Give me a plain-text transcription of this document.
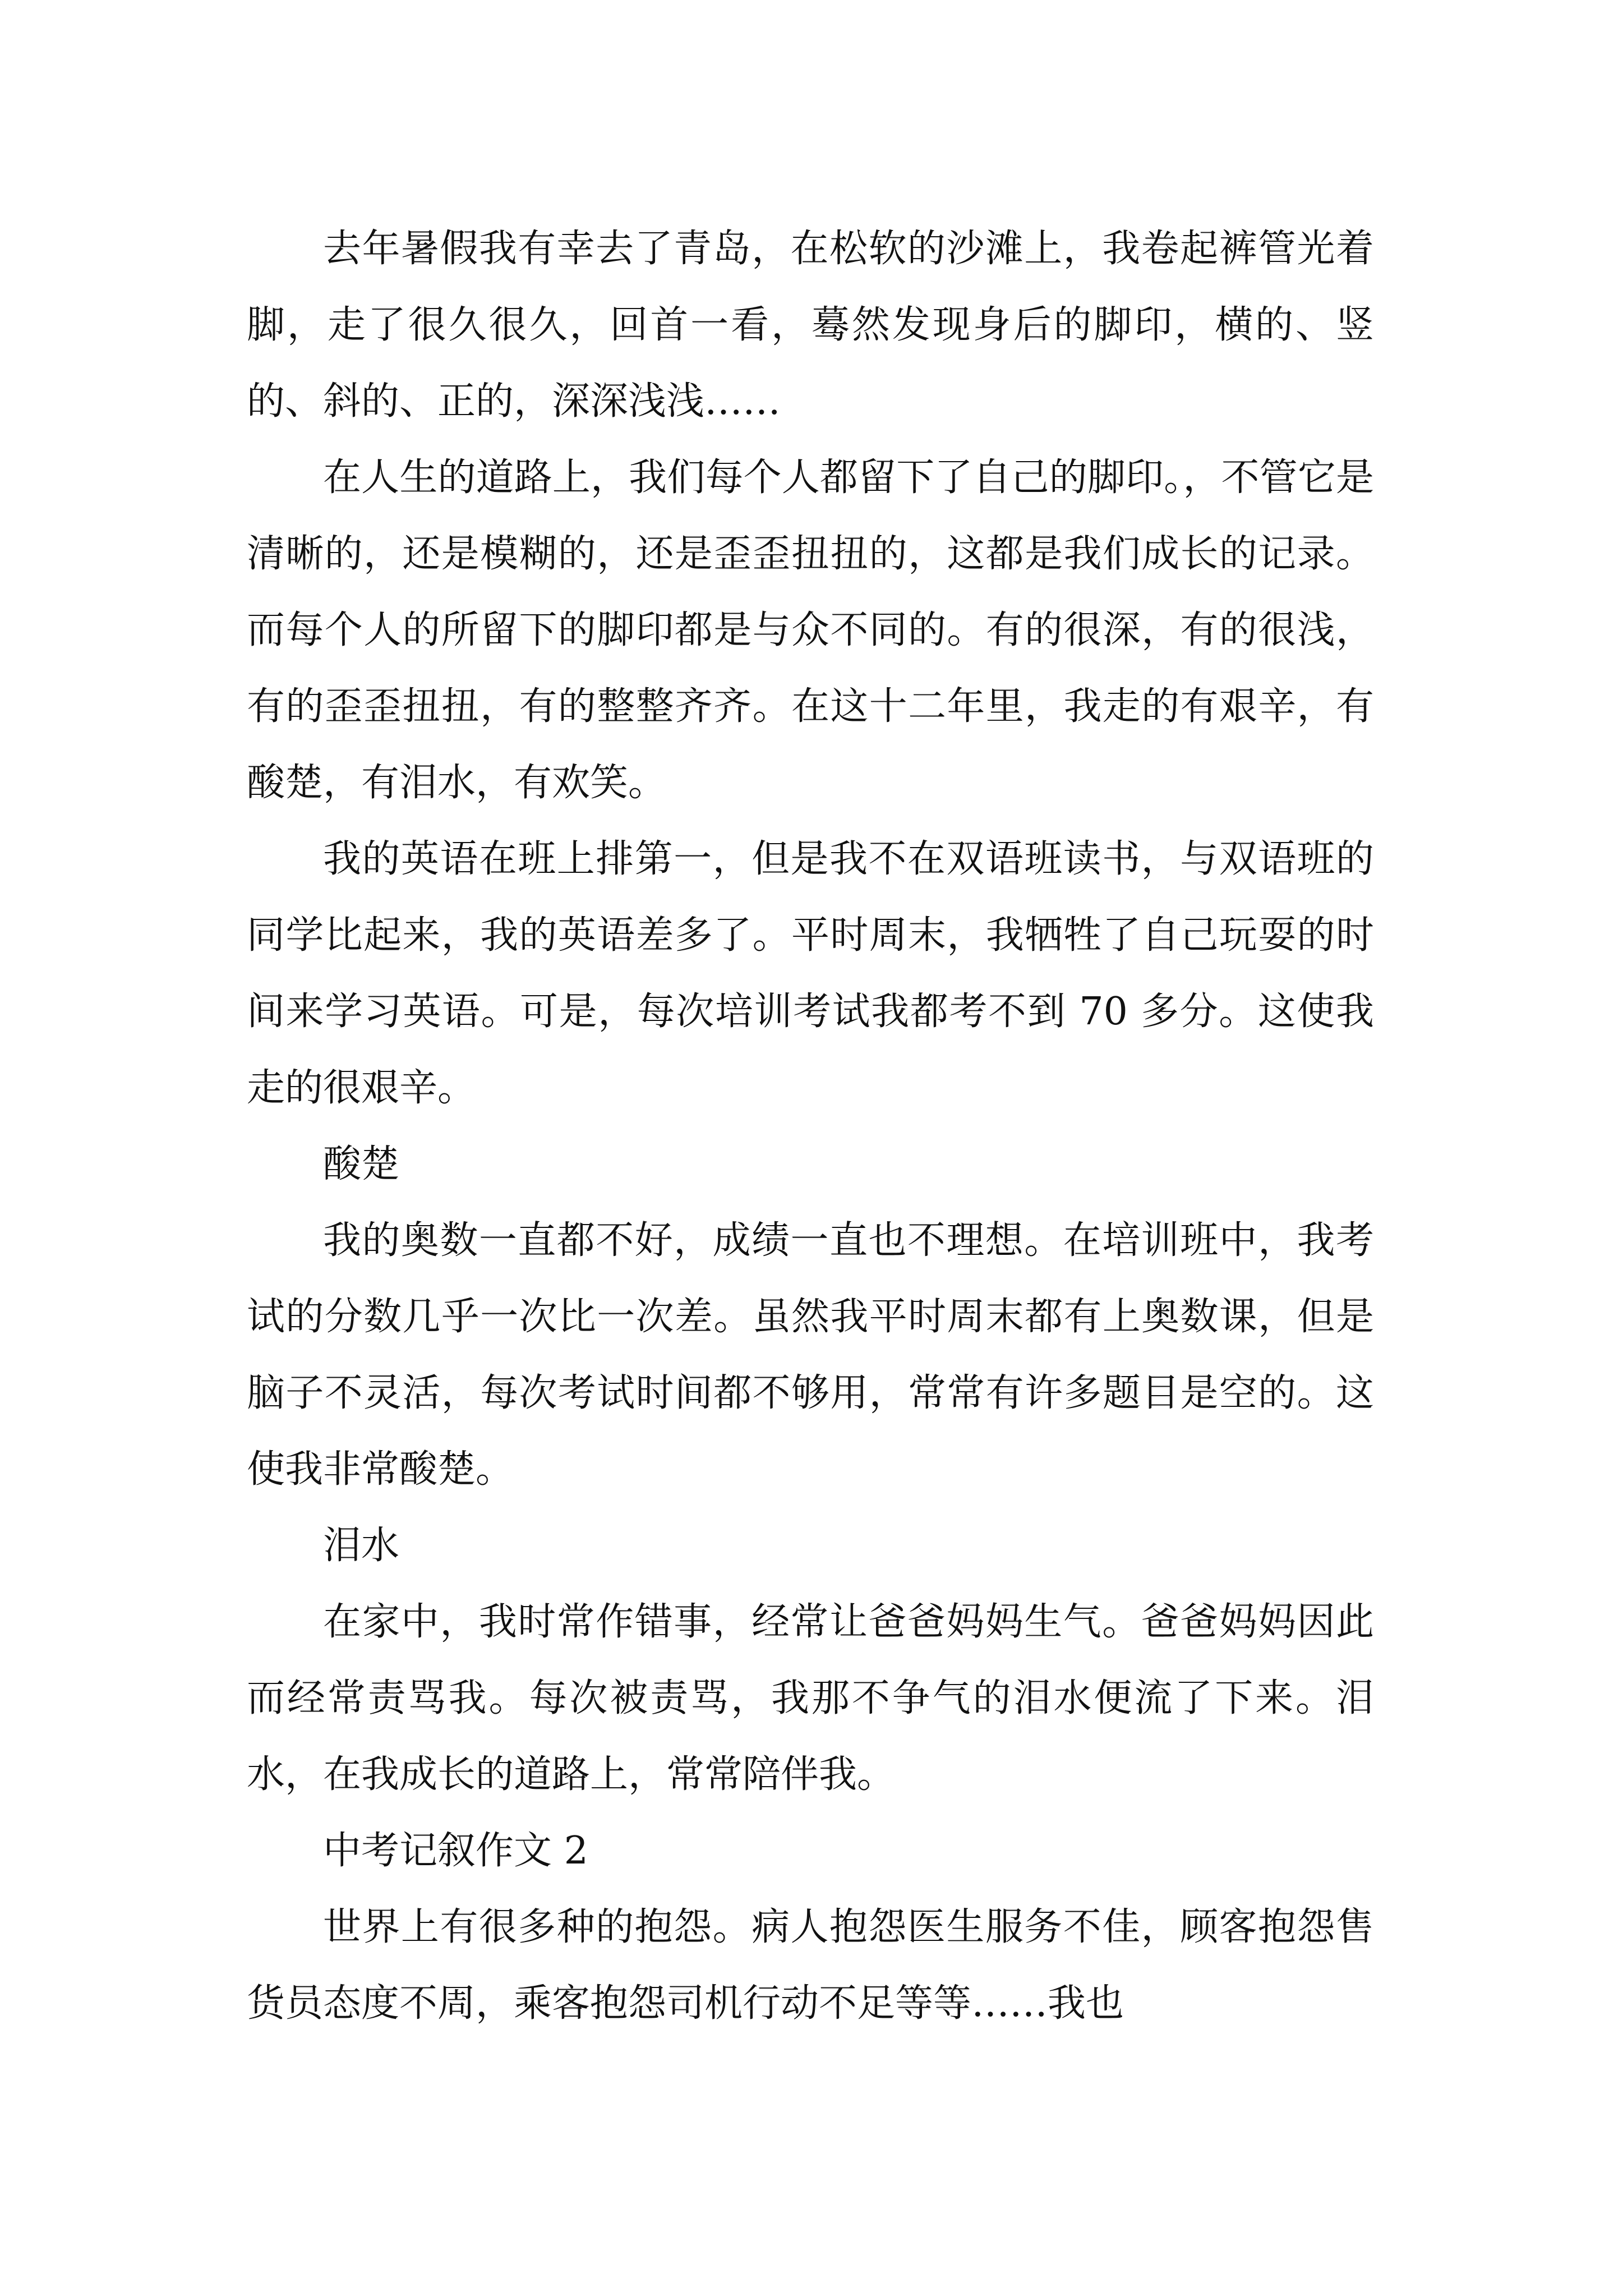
去年暑假我有幸去了青岛，在松软的沙滩上，我卷起裤管光着脚，走了很久很久，回首一看，蓦然发现身后的脚印，横的、竖的、斜的、正的，深深浅浅……

在人生的道路上，我们每个人都留下了自己的脚印。，不管它是清晰的，还是模糊的，还是歪歪扭扭的，这都是我们成长的记录。而每个人的所留下的脚印都是与众不同的。有的很深，有的很浅，有的歪歪扭扭，有的整整齐齐。在这十二年里，我走的有艰辛，有酸楚，有泪水，有欢笑。

我的英语在班上排第一，但是我不在双语班读书，与双语班的同学比起来，我的英语差多了。平时周末，我牺牲了自己玩耍的时间来学习英语。可是，每次培训考试我都考不到 70 多分。这使我走的很艰辛。

酸楚

我的奥数一直都不好，成绩一直也不理想。在培训班中，我考试的分数几乎一次比一次差。虽然我平时周末都有上奥数课，但是脑子不灵活，每次考试时间都不够用，常常有许多题目是空的。这使我非常酸楚。

泪水

在家中，我时常作错事，经常让爸爸妈妈生气。爸爸妈妈因此而经常责骂我。每次被责骂，我那不争气的泪水便流了下来。泪水，在我成长的道路上，常常陪伴我。

中考记叙作文 2

世界上有很多种的抱怨。病人抱怨医生服务不佳，顾客抱怨售货员态度不周，乘客抱怨司机行动不足等等……我也
